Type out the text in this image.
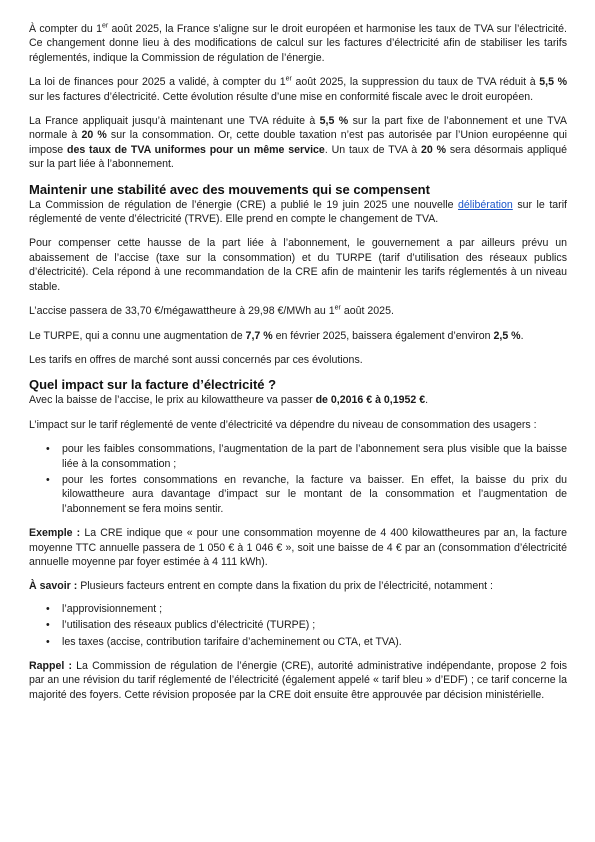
À compter du 1er août 2025, la France s’aligne sur le droit européen et harmonise les taux de TVA sur l’électricité. Ce changement donne lieu à des modifications de calcul sur les factures d’électricité afin de stabiliser les tarifs réglementés, indique la Commission de régulation de l’énergie.

La loi de finances pour 2025 a validé, à compter du 1er août 2025, la suppression du taux de TVA réduit à 5,5 % sur les factures d’électricité. Cette évolution résulte d’une mise en conformité fiscale avec le droit européen.

La France appliquait jusqu’à maintenant une TVA réduite à 5,5 % sur la part fixe de l’abonnement et une TVA normale à 20 % sur la consommation. Or, cette double taxation n’est pas autorisée par l’Union européenne qui impose des taux de TVA uniformes pour un même service. Un taux de TVA à 20 % sera désormais appliqué sur la part liée à l’abonnement.

Maintenir une stabilité avec des mouvements qui se compensent

La Commission de régulation de l’énergie (CRE) a publié le 19 juin 2025 une nouvelle délibération sur le tarif réglementé de vente d’électricité (TRVE). Elle prend en compte le changement de TVA.

Pour compenser cette hausse de la part liée à l’abonnement, le gouvernement a par ailleurs prévu un abaissement de l’accise (taxe sur la consommation) et du TURPE (tarif d’utilisation des réseaux publics d’électricité). Cela répond à une recommandation de la CRE afin de maintenir les tarifs réglementés à un niveau stable.

L’accise passera de 33,70 €/mégawattheure à 29,98 €/MWh au 1er août 2025.

Le TURPE, qui a connu une augmentation de 7,7 % en février 2025, baissera également d’environ 2,5 %.

Les tarifs en offres de marché sont aussi concernés par ces évolutions.

Quel impact sur la facture d’électricité ?

Avec la baisse de l’accise, le prix au kilowattheure va passer de 0,2016 € à 0,1952 €.

L’impact sur le tarif réglementé de vente d’électricité va dépendre du niveau de consommation des usagers :

• pour les faibles consommations, l’augmentation de la part de l’abonnement sera plus visible que la baisse liée à la consommation ;
• pour les fortes consommations en revanche, la facture va baisser. En effet, la baisse du prix du kilowattheure aura davantage d’impact sur le montant de la consommation et l’augmentation de l’abonnement se fera moins sentir.

Exemple : La CRE indique que « pour une consommation moyenne de 4 400 kilowattheures par an, la facture moyenne TTC annuelle passera de 1 050 € à 1 046 € », soit une baisse de 4 € par an (consommation d’électricité annuelle moyenne par foyer estimée à 4 111 kWh).

À savoir : Plusieurs facteurs entrent en compte dans la fixation du prix de l’électricité, notamment :

• l’approvisionnement ;
• l’utilisation des réseaux publics d’électricité (TURPE) ;
• les taxes (accise, contribution tarifaire d’acheminement ou CTA, et TVA).

Rappel : La Commission de régulation de l’énergie (CRE), autorité administrative indépendante, propose 2 fois par an une révision du tarif réglementé de l’électricité (également appelé « tarif bleu » d’EDF) ; ce tarif concerne la majorité des foyers. Cette révision proposée par la CRE doit ensuite être approuvée par décision ministérielle.
